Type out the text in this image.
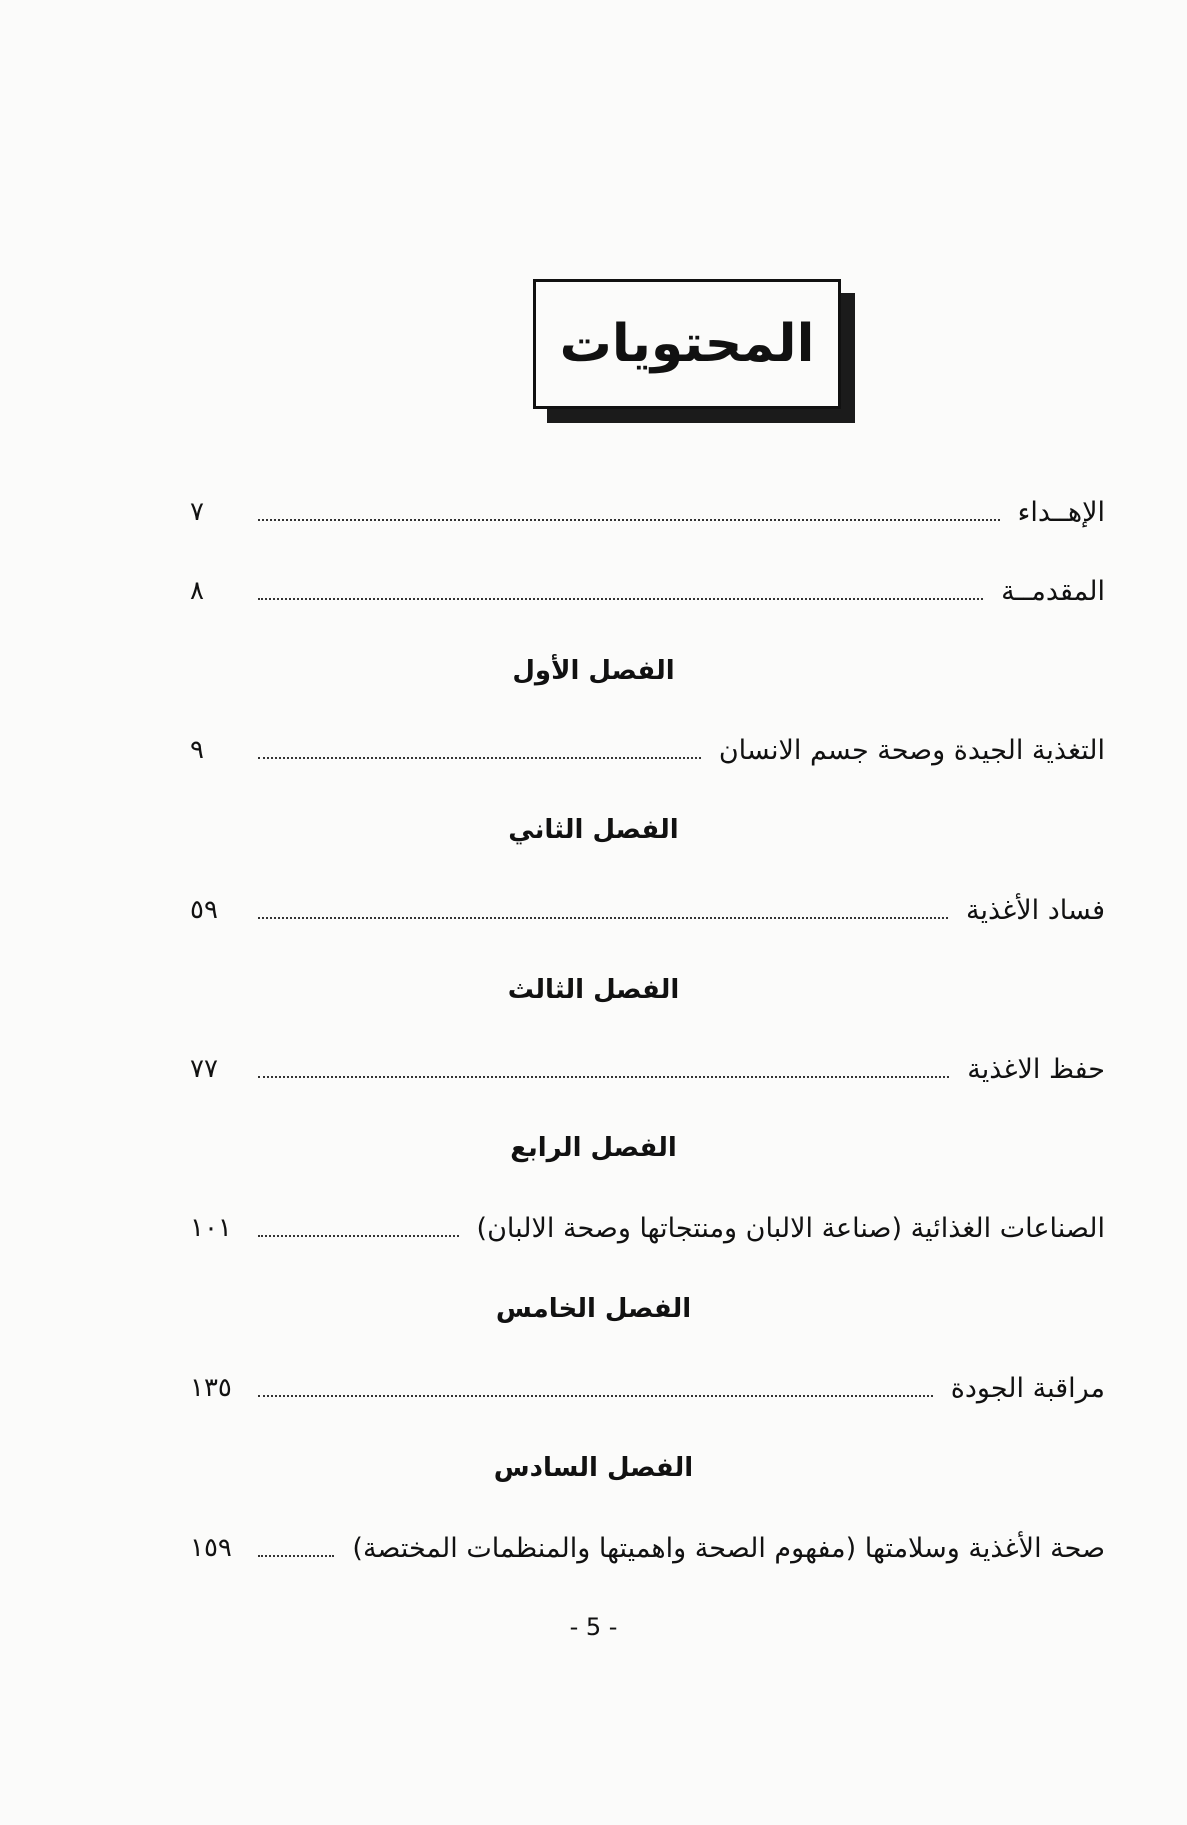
المحتويات
الإهــداء
٧
المقدمــة
٨
الفصل الأول
التغذية الجيدة وصحة جسم الانسان
٩
الفصل الثاني
فساد الأغذية
٥٩
الفصل الثالث
حفظ الاغذية
٧٧
الفصل الرابع
الصناعات الغذائية (صناعة الالبان ومنتجاتها وصحة الالبان)
١٠١
الفصل الخامس
مراقبة الجودة
١٣٥
الفصل السادس
صحة الأغذية وسلامتها (مفهوم الصحة واهميتها والمنظمات المختصة)
١٥٩
- 5 -
